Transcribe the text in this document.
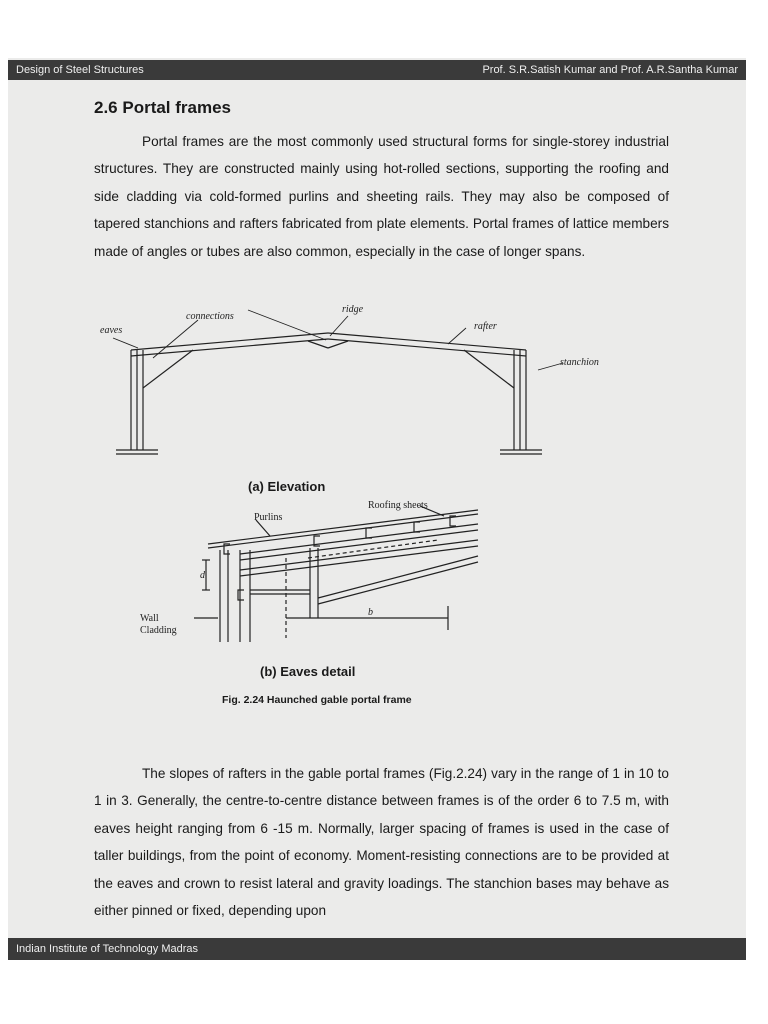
Design of Steel Structures	Prof. S.R.Satish Kumar and Prof. A.R.Santha Kumar
2.6 Portal frames

Portal frames are the most commonly used structural forms for single-storey industrial structures. They are constructed mainly using hot-rolled sections, supporting the roofing and side cladding via cold-formed purlins and sheeting rails. They may also be composed of tapered stanchions and rafters fabricated from plate elements. Portal frames of lattice members made of angles or tubes are also common, especially in the case of longer spans.

eaves
connections
ridge
rafter
stanchion
Purlins
Roofing sheets
Wall
Cladding
d
b
(a) Elevation
(b) Eaves detail
Fig. 2.24 Haunched gable portal frame

The slopes of rafters in the gable portal frames (Fig.2.24) vary in the range of 1 in 10 to 1 in 3. Generally, the centre-to-centre distance between frames is of the order 6 to 7.5 m, with eaves height ranging from 6 -15 m. Normally, larger spacing of frames is used in the case of taller buildings, from the point of economy. Moment-resisting connections are to be provided at the eaves and crown to resist lateral and gravity loadings. The stanchion bases may behave as either pinned or fixed, depending upon

Indian Institute of Technology Madras
